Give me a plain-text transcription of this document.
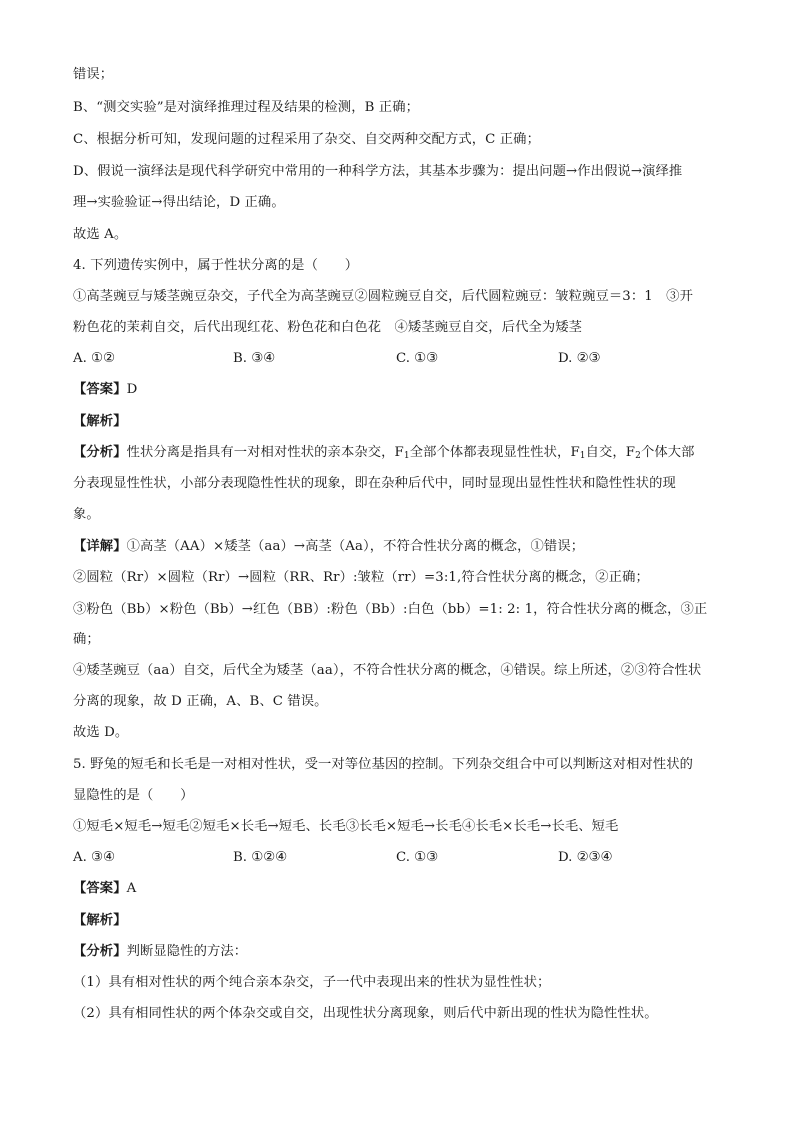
错误；
B、“测交实验”是对演绎推理过程及结果的检测，B 正确；
C、根据分析可知，发现问题的过程采用了杂交、自交两种交配方式，C 正确；
D、假说一演绎法是现代科学研究中常用的一种科学方法，其基本步骤为：提出问题→作出假说→演绎推
理→实验验证→得出结论，D 正确。
故选 A。
4. 下列遗传实例中，属于性状分离的是（　　）
①高茎豌豆与矮茎豌豆杂交，子代全为高茎豌豆②圆粒豌豆自交，后代圆粒豌豆：皱粒豌豆＝3：1　③开
粉色花的茉莉自交，后代出现红花、粉色花和白色花　④矮茎豌豆自交，后代全为矮茎
A. ①②	B. ③④	C. ①③	D. ②③
【答案】D
【解析】
【分析】性状分离是指具有一对相对性状的亲本杂交，$F_1$全部个体都表现显性性状，$F_1$自交，$F_2$个体大部
分表现显性性状，小部分表现隐性性状的现象，即在杂种后代中，同时显现出显性性状和隐性性状的现
象。
【详解】①高茎（AA）×矮茎（aa）→高茎（Aa），不符合性状分离的概念，①错误；
②圆粒（Rr）×圆粒（Rr）→圆粒（RR、Rr）:皱粒（rr）=3:1,符合性状分离的概念，②正确；
③粉色（Bb）×粉色（Bb）→红色（BB）:粉色（Bb）:白色（bb）=1: 2: 1，符合性状分离的概念，③正
确；
④矮茎豌豆（aa）自交，后代全为矮茎（aa），不符合性状分离的概念，④错误。综上所述，②③符合性状
分离的现象，故 D 正确，A、B、C 错误。
故选 D。
5. 野兔的短毛和长毛是一对相对性状，受一对等位基因的控制。下列杂交组合中可以判断这对相对性状的
显隐性的是（　　）
①短毛×短毛→短毛②短毛×长毛→短毛、长毛③长毛×短毛→长毛④长毛×长毛→长毛、短毛
A. ③④	B. ①②④	C. ①③	D. ②③④
【答案】A
【解析】
【分析】判断显隐性的方法：
（1）具有相对性状的两个纯合亲本杂交，子一代中表现出来的性状为显性性状；
（2）具有相同性状的两个体杂交或自交，出现性状分离现象，则后代中新出现的性状为隐性性状。
